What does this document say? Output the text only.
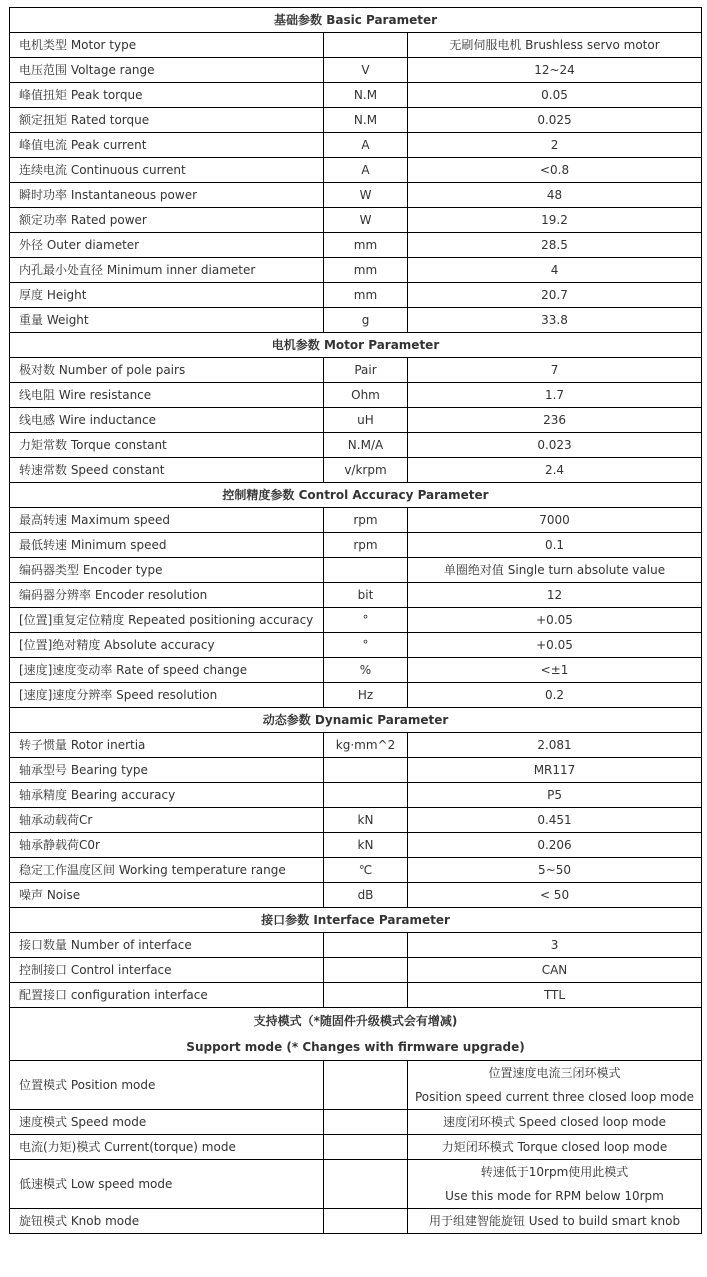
基础参数 Basic Parameter		
电机类型 Motor type		无刷伺服电机 Brushless servo motor
电压范围 Voltage range	V	12~24
峰值扭矩 Peak torque	N.M	0.05
额定扭矩 Rated torque	N.M	0.025
峰值电流 Peak current	A	2
连续电流 Continuous current	A	<0.8
瞬时功率 Instantaneous power	W	48
额定功率 Rated power	W	19.2
外径 Outer diameter	mm	28.5
内孔最小处直径 Minimum inner diameter	mm	4
厚度 Height	mm	20.7
重量 Weight	g	33.8
电机参数 Motor Parameter		
极对数 Number of pole pairs	Pair	7
线电阻 Wire resistance	Ohm	1.7
线电感 Wire inductance	uH	236
力矩常数 Torque constant	N.M/A	0.023
转速常数 Speed constant	v/krpm	2.4
控制精度参数 Control Accuracy Parameter		
最高转速 Maximum speed	rpm	7000
最低转速 Minimum speed	rpm	0.1
编码器类型 Encoder type		单圈绝对值 Single turn absolute value
编码器分辨率 Encoder resolution	bit	12
[位置]重复定位精度 Repeated positioning accuracy	°	+0.05
[位置]绝对精度 Absolute accuracy	°	+0.05
[速度]速度变动率 Rate of speed change	%	<±1
[速度]速度分辨率 Speed resolution	Hz	0.2
动态参数 Dynamic Parameter		
转子惯量 Rotor inertia	kg·mm^2	2.081
轴承型号 Bearing type		MR117
轴承精度 Bearing accuracy		P5
轴承动载荷Cr	kN	0.451
轴承静载荷C0r	kN	0.206
稳定工作温度区间 Working temperature range	℃	5~50
噪声 Noise	dB	< 50
接口参数 Interface Parameter		
接口数量 Number of interface		3
控制接口 Control interface		CAN
配置接口 configuration interface		TTL

支持模式（*随固件升级模式会有增减)
Support mode (* Changes with firmware upgrade)		

位置模式 Position mode		位置速度电流三闭环模式
Position speed current three closed loop mode

速度模式 Speed mode		速度闭环模式 Speed closed loop mode
电流(力矩)模式 Current(torque) mode		力矩闭环模式 Torque closed loop mode
低速模式 Low speed mode		转速低于10rpm使用此模式
Use this mode for RPM below 10rpm

旋钮模式 Knob mode		用于组建智能旋钮 Used to build smart knob
